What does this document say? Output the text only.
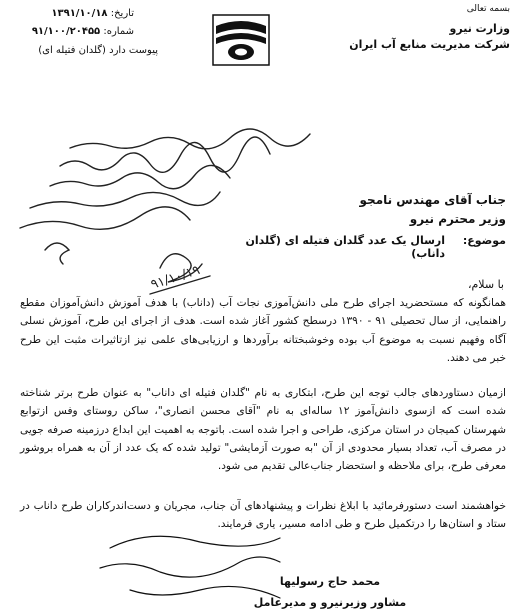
بسمه تعالی
وزارت نیرو
شرکت مدیریت منابع آب ایران
تاریخ: ۱۳۹۱/۱۰/۱۸
شماره: ۹۱/۱۰۰/۲۰۴۵۵
پیوست دارد (گلدان فتیله ای)
۹۱/۱۰/۱۹
جناب آقای مهندس نامجو
وزیر محترم نیرو
موضوع:
ارسال یک عدد گلدان فتیله ای (گلدان داناب)
با سلام،
همانگونه که مستحضرید اجرای طرح ملی دانش‌آموزی نجات آب (داناب) با هدف آموزش دانش‌آموزان مقطع راهنمایی، از سال تحصیلی ۹۱ - ۱۳۹۰ درسطح کشور آغاز شده است. هدف از اجرای این طرح، آموزش نسلی آگاه وفهیم نسبت به موضوع آب بوده وخوشبختانه برآوردها و ارزیابی‌های علمی نیز ازتاثیرات مثبت این طرح خبر می دهند.
ازمیان دستاوردهای جالب توجه این طرح، ابتکاری به نام "گلدان فتیله ای داناب" به عنوان طرح برتر شناخته شده است که ازسوی دانش‌آموز ۱۲ ساله‌ای به نام "آقای محسن انصاری"، ساکن روستای وفس ازتوابع شهرستان کمیجان در استان مرکزی، طراحی و اجرا شده است. باتوجه به اهمیت این ابداع درزمینه صرفه جویی در مصرف آب، تعداد بسیار محدودی از آن "به صورت آزمایشی" تولید شده که یک عدد از آن به همراه بروشور معرفی طرح، برای ملاحظه و استحضار جناب‌عالی تقدیم می شود.
خواهشمند است دستورفرمائید با ابلاغ نظرات و پیشنهادهای آن جناب، مجریان و دست‌اندرکاران طرح داناب در ستاد و استان‌ها را درتکمیل طرح و طی ادامه مسیر، یاری فرمایند.
محمد حاج رسولیها
مشاور وزیرنیرو و مدیرعامل
